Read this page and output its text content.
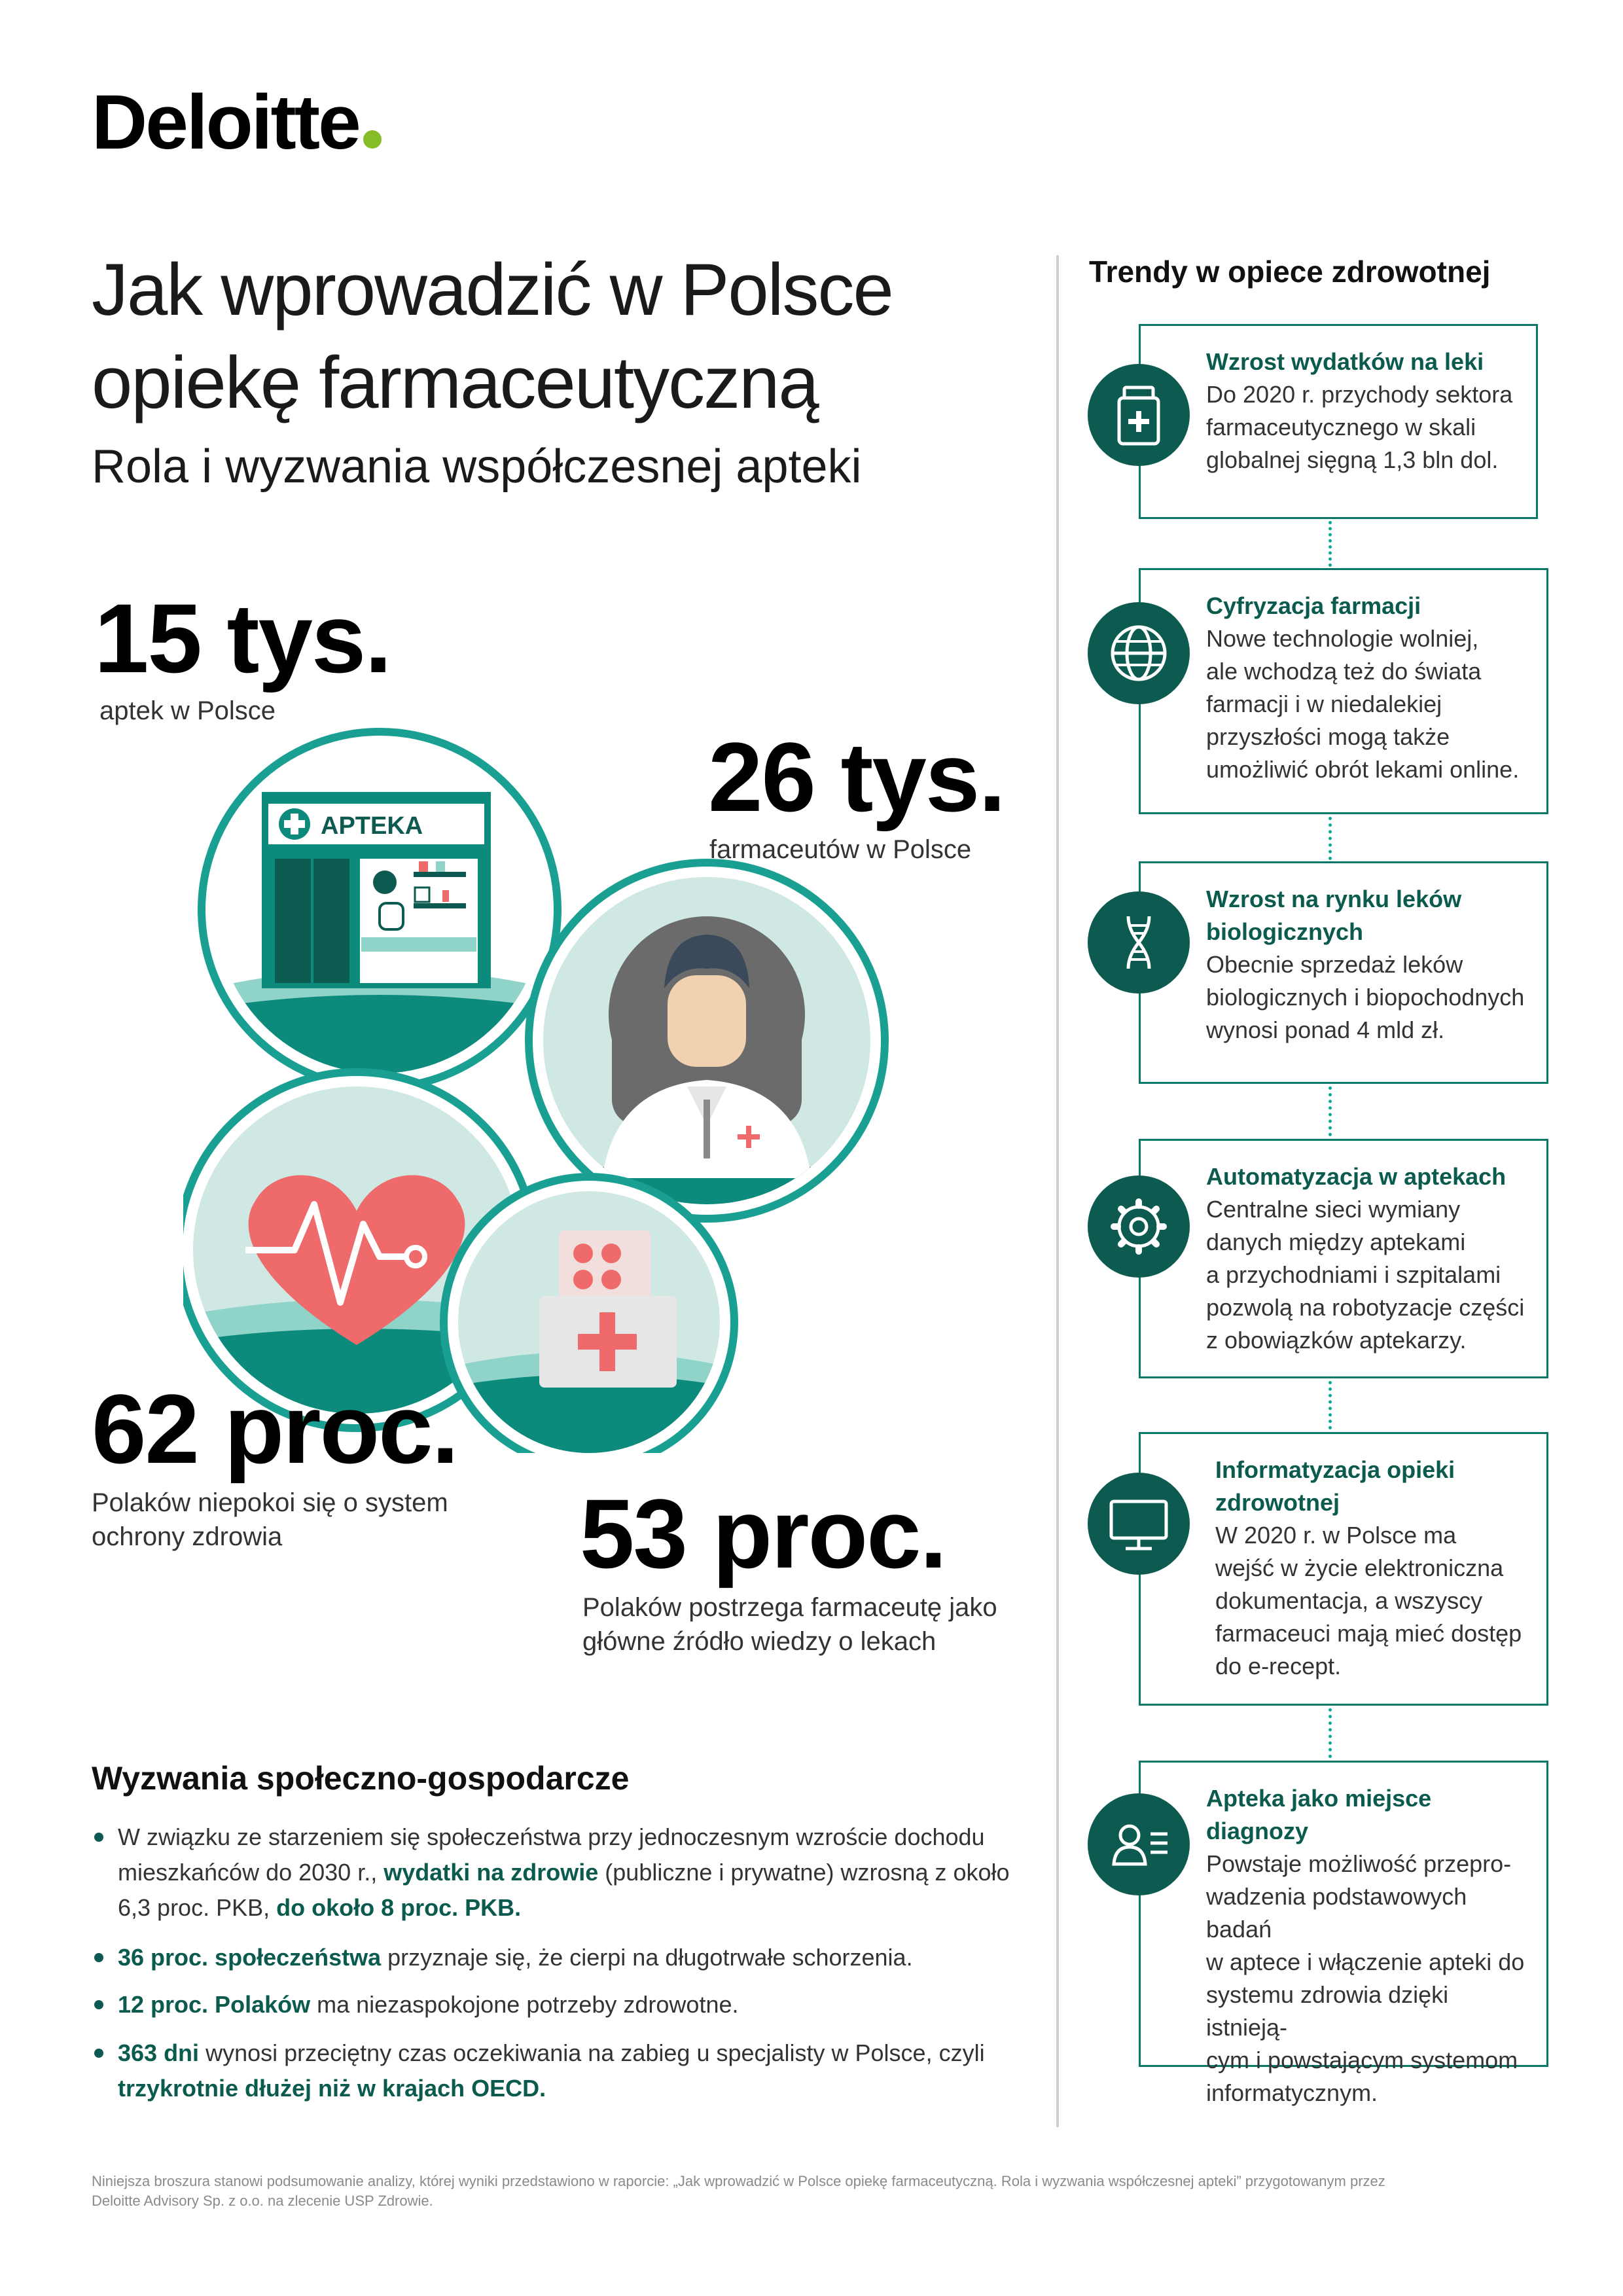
Deloitte
Jak wprowadzić w Polsce
opiekę farmaceutyczną
Rola i wyzwania współczesnej apteki
15 tys.
aptek w Polsce
26 tys.
farmaceutów w Polsce
APTEKA
62 proc.
Polaków niepokoi się o system
ochrony zdrowia	53 proc.
Polaków postrzega farmaceutę jako
główne źródło wiedzy o lekach
Trendy w opiece zdrowotnej
Wzrost wydatków na leki
Do 2020 r. przychody sektora
farmaceutycznego w skali
globalnej sięgną 1,3 bln dol.
Cyfryzacja farmacji
Nowe technologie wolniej,
ale wchodzą też do świata
farmacji i w niedalekiej
przyszłości mogą także
umożliwić obrót lekami online.
Wzrost na rynku leków
biologicznych
Obecnie sprzedaż leków
biologicznych i biopochodnych
wynosi ponad 4 mld zł.
Automatyzacja w aptekach
Centralne sieci wymiany
danych między aptekami
a przychodniami i szpitalami
pozwolą na robotyzacje części
z obowiązków aptekarzy.
Informatyzacja opieki
zdrowotnej
W 2020 r. w Polsce ma
wejść w życie elektroniczna
dokumentacja, a wszyscy
farmaceuci mają mieć dostęp
do e-recept.
Apteka jako miejsce
diagnozy
Powstaje możliwość przepro-
wadzenia podstawowych badań
w aptece i włączenie apteki do
systemu zdrowia dzięki istnieją-
cym i powstającym systemom
informatycznym.
Wyzwania społeczno-gospodarcze
W związku ze starzeniem się społeczeństwa przy jednoczesnym wzroście dochodu
mieszkańców do 2030 r., wydatki na zdrowie (publiczne i prywatne) wzrosną z około
6,3 proc. PKB, do około 8 proc. PKB.
36 proc. społeczeństwa przyznaje się, że cierpi na długotrwałe schorzenia.
12 proc. Polaków ma niezaspokojone potrzeby zdrowotne.
363 dni wynosi przeciętny czas oczekiwania na zabieg u specjalisty w Polsce, czyli
trzykrotnie dłużej niż w krajach OECD.
Niniejsza broszura stanowi podsumowanie analizy, której wyniki przedstawiono w raporcie: „Jak wprowadzić w Polsce opiekę farmaceutyczną. Rola i wyzwania współczesnej apteki” przygotowanym przez
Deloitte Advisory Sp. z o.o. na zlecenie USP Zdrowie.
